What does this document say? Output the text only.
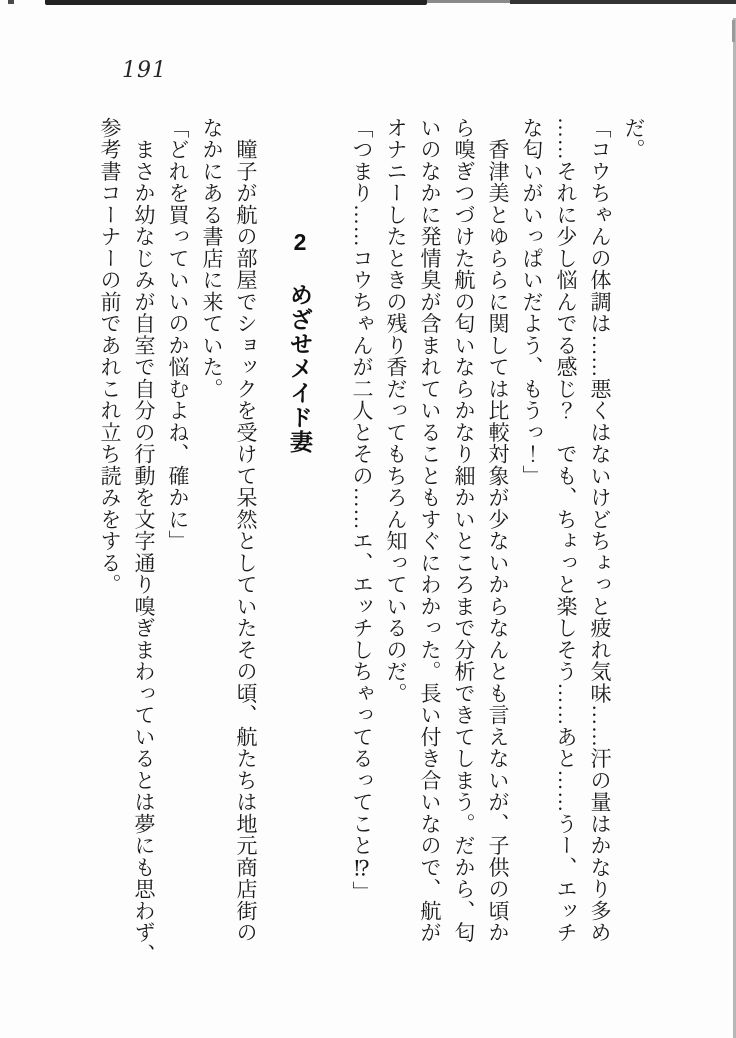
191
だ。
「コウちゃんの体調は……悪くはないけどちょっと疲れ気味……汗の量はかなり多め
……それに少し悩んでる感じ？　でも、ちょっと楽しそう……あと……うー、エッチ
な匂いがいっぱいだよう、もうっ！」
　香津美とゆららに関しては比較対象が少ないからなんとも言えないが、子供の頃か
ら嗅ぎつづけた航の匂いならかなり細かいところまで分析できてしまう。だから、匂
いのなかに発情臭が含まれていることもすぐにわかった。長い付き合いなので、航が
オナニーしたときの残り香だってもちろん知っているのだ。
「つまり……コウちゃんが二人とその……エ、エッチしちゃってるってこと⁉」
2めざせメイド妻
　瞳子が航の部屋でショックを受けて呆然としていたその頃、航たちは地元商店街の
なかにある書店に来ていた。
「どれを買っていいのか悩むよね、確かに」
　まさか幼なじみが自室で自分の行動を文字通り嗅ぎまわっているとは夢にも思わず、
参考書コーナーの前であれこれ立ち読みをする。
